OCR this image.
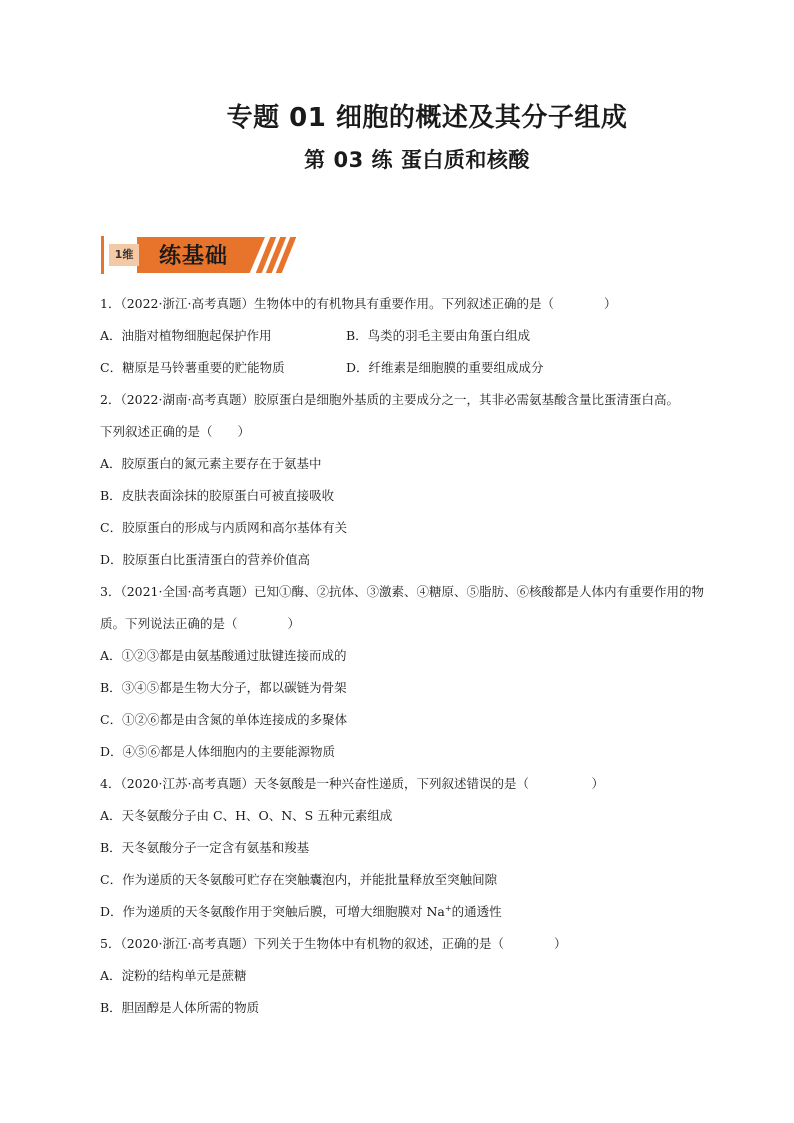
专题 01 细胞的概述及其分子组成
第 03 练 蛋白质和核酸
1维 练基础
1．（2022·浙江·高考真题）生物体中的有机物具有重要作用。下列叙述正确的是（　　　　）
A．油脂对植物细胞起保护作用	B．鸟类的羽毛主要由角蛋白组成
C．糖原是马铃薯重要的贮能物质	D．纤维素是细胞膜的重要组成成分
2．（2022·湖南·高考真题）胶原蛋白是细胞外基质的主要成分之一，其非必需氨基酸含量比蛋清蛋白高。
下列叙述正确的是（　　）
A．胶原蛋白的氮元素主要存在于氨基中
B．皮肤表面涂抹的胶原蛋白可被直接吸收
C．胶原蛋白的形成与内质网和高尔基体有关
D．胶原蛋白比蛋清蛋白的营养价值高
3．（2021·全国·高考真题）已知①酶、②抗体、③激素、④糖原、⑤脂肪、⑥核酸都是人体内有重要作用的物
质。下列说法正确的是（　　　　）
A．①②③都是由氨基酸通过肽键连接而成的
B．③④⑤都是生物大分子，都以碳链为骨架
C．①②⑥都是由含氮的单体连接成的多聚体
D．④⑤⑥都是人体细胞内的主要能源物质
4．（2020·江苏·高考真题）天冬氨酸是一种兴奋性递质，下列叙述错误的是（　　　　　）
A．天冬氨酸分子由 C、H、O、N、S 五种元素组成
B．天冬氨酸分子一定含有氨基和羧基
C．作为递质的天冬氨酸可贮存在突触囊泡内，并能批量释放至突触间隙
D．作为递质的天冬氨酸作用于突触后膜，可增大细胞膜对 Na+的通透性
5．（2020·浙江·高考真题）下列关于生物体中有机物的叙述，正确的是（　　　　）
A．淀粉的结构单元是蔗糖
B．胆固醇是人体所需的物质
